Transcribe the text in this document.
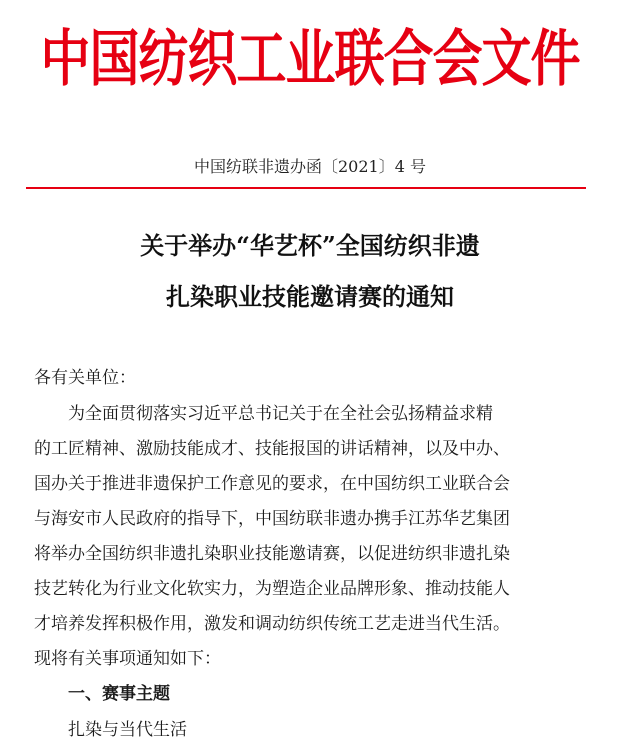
中国纺织工业联合会文件
中国纺联非遗办函〔2021〕4 号
关于举办“华艺杯”全国纺织非遗
扎染职业技能邀请赛的通知
各有关单位：
为全面贯彻落实习近平总书记关于在全社会弘扬精益求精
的工匠精神、激励技能成才、技能报国的讲话精神，以及中办、
国办关于推进非遗保护工作意见的要求，在中国纺织工业联合会
与海安市人民政府的指导下，中国纺联非遗办携手江苏华艺集团
将举办全国纺织非遗扎染职业技能邀请赛，以促进纺织非遗扎染
技艺转化为行业文化软实力，为塑造企业品牌形象、推动技能人
才培养发挥积极作用，激发和调动纺织传统工艺走进当代生活。
现将有关事项通知如下：
一、赛事主题
扎染与当代生活
